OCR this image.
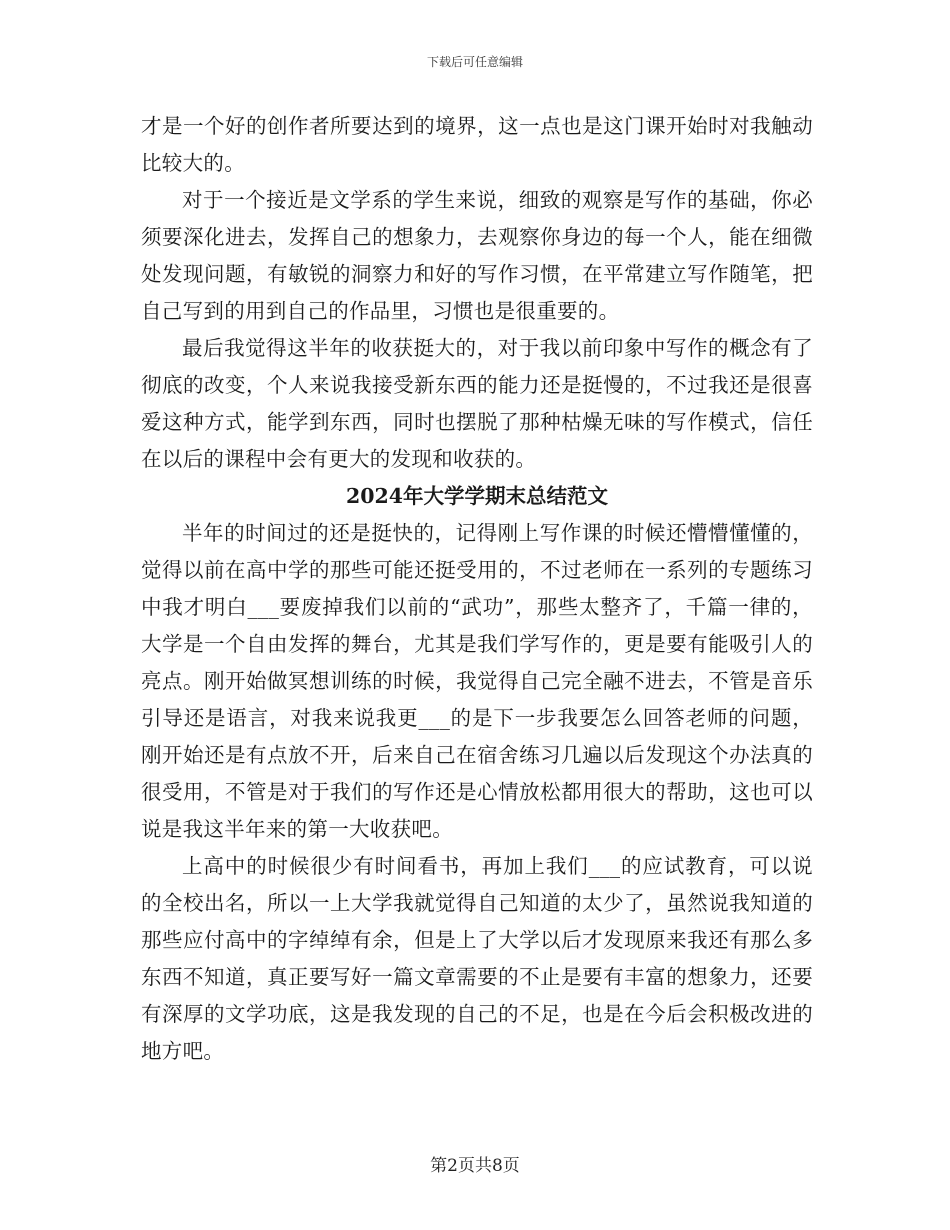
下载后可任意编辑

才是一个好的创作者所要达到的境界，这一点也是这门课开始时对我触动比较大的。

对于一个接近是文学系的学生来说，细致的观察是写作的基础，你必须要深化进去，发挥自己的想象力，去观察你身边的每一个人，能在细微处发现问题，有敏锐的洞察力和好的写作习惯，在平常建立写作随笔，把自己写到的用到自己的作品里，习惯也是很重要的。

最后我觉得这半年的收获挺大的，对于我以前印象中写作的概念有了彻底的改变，个人来说我接受新东西的能力还是挺慢的，不过我还是很喜爱这种方式，能学到东西，同时也摆脱了那种枯燥无味的写作模式，信任在以后的课程中会有更大的发现和收获的。

2024年大学学期末总结范文

半年的时间过的还是挺快的，记得刚上写作课的时候还懵懵懂懂的，觉得以前在高中学的那些可能还挺受用的，不过老师在一系列的专题练习中我才明白___要废掉我们以前的“武功”，那些太整齐了，千篇一律的，大学是一个自由发挥的舞台，尤其是我们学写作的，更是要有能吸引人的亮点。刚开始做冥想训练的时候，我觉得自己完全融不进去，不管是音乐引导还是语言，对我来说我更___的是下一步我要怎么回答老师的问题，刚开始还是有点放不开，后来自己在宿舍练习几遍以后发现这个办法真的很受用，不管是对于我们的写作还是心情放松都用很大的帮助，这也可以说是我这半年来的第一大收获吧。

上高中的时候很少有时间看书，再加上我们___的应试教育，可以说的全校出名，所以一上大学我就觉得自己知道的太少了，虽然说我知道的那些应付高中的字绰绰有余，但是上了大学以后才发现原来我还有那么多东西不知道，真正要写好一篇文章需要的不止是要有丰富的想象力，还要有深厚的文学功底，这是我发现的自己的不足，也是在今后会积极改进的地方吧。

第2页共8页
